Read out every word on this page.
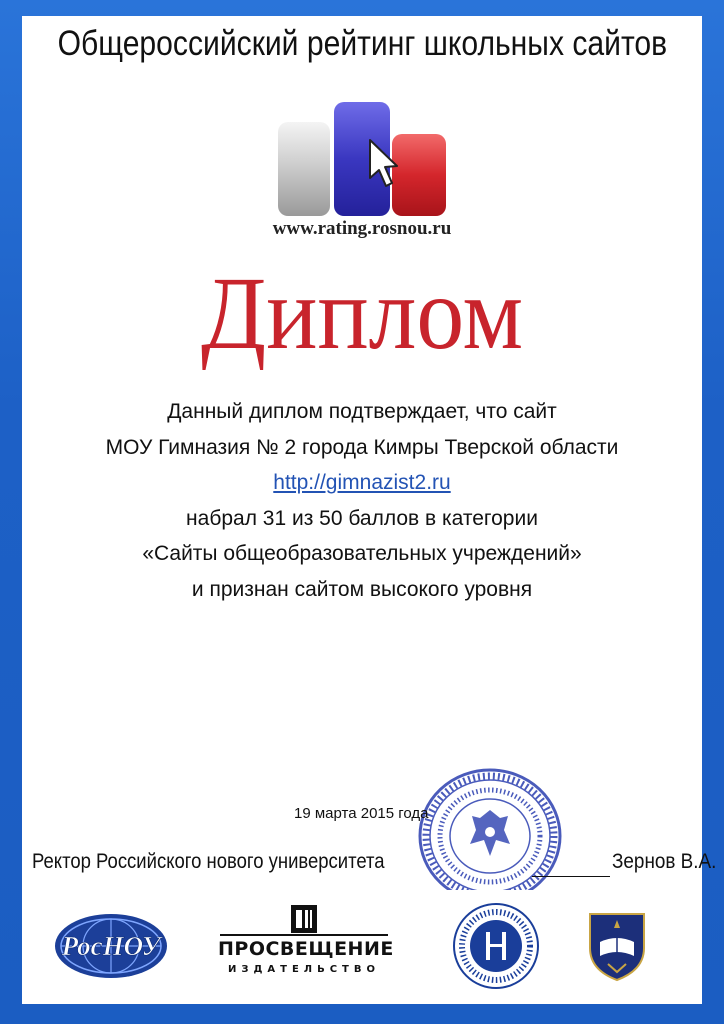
Общероссийский рейтинг школьных сайтов
www.rating.rosnou.ru
Диплом
Данный диплом подтверждает, что сайт
МОУ Гимназия № 2 города Кимры Тверской области
http://gimnazist2.ru
набрал 31 из 50 баллов в категории
«Сайты общеобразовательных учреждений»
и признан сайтом высокого уровня
19 марта 2015 года
Ректор Российского нового университета	Зернов В.А.
РосНОУ	ПРОСВЕЩЕНИЕ
ИЗДАТЕЛЬСТВО
